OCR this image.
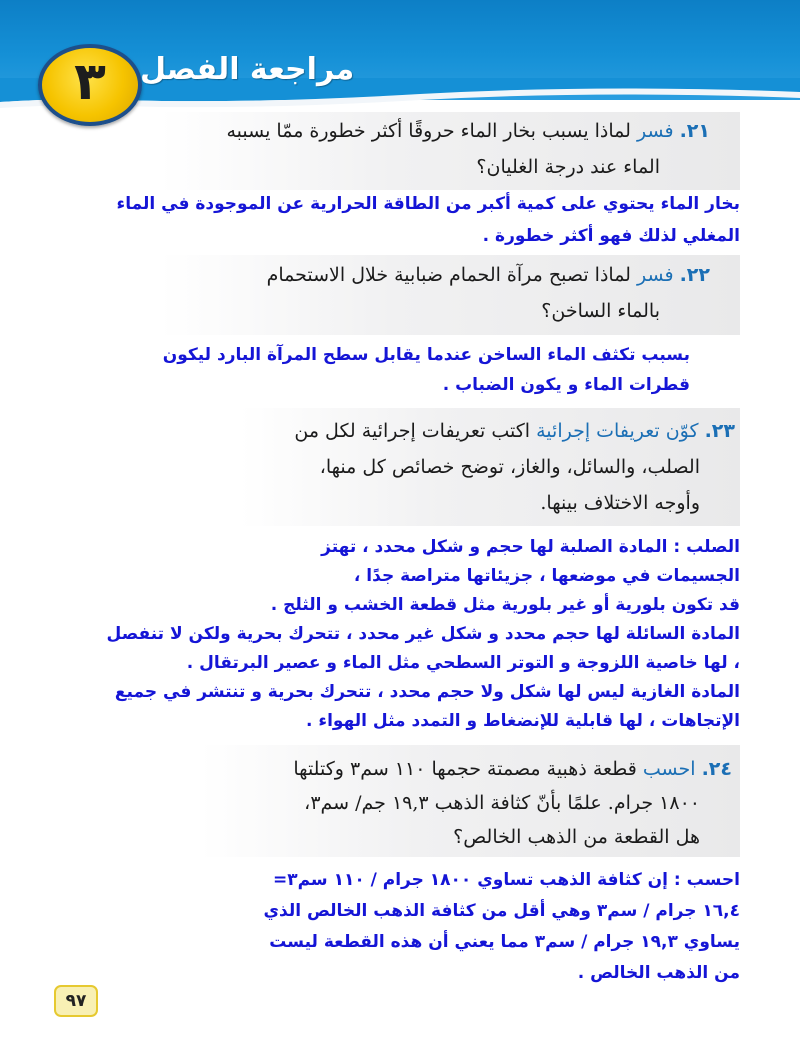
٣	مراجعة الفصل
٢١. فسر لماذا يسبب بخار الماء حروقًا أكثر خطورة ممّا يسببه
الماء عند درجة الغليان؟
بخار الماء يحتوي على كمية أكبر من الطاقة الحرارية عن الموجودة في الماء
المغلي لذلك فهو أكثر خطورة .
٢٢. فسر لماذا تصبح مرآة الحمام ضبابية خلال الاستحمام
بالماء الساخن؟
بسبب تكثف الماء الساخن عندما يقابل سطح المرآة البارد ليكون
قطرات الماء و يكون الضباب .
٢٣. كوّن تعريفات إجرائية اكتب تعريفات إجرائية لكل من
الصلب، والسائل، والغاز، توضح خصائص كل منها،
وأوجه الاختلاف بينها.
الصلب : المادة الصلبة لها حجم و شكل محدد ، تهتز
الجسيمات في موضعها ، جزيئاتها متراصة جدًا ،
قد تكون بلورية أو غير بلورية مثل قطعة الخشب و الثلج .
المادة السائلة لها حجم محدد و شكل غير محدد ، تتحرك بحرية ولكن لا تنفصل
، لها خاصية اللزوجة و التوتر السطحي مثل الماء و عصير البرتقال .
المادة الغازية ليس لها شكل ولا حجم محدد ، تتحرك بحرية و تنتشر في جميع
الإتجاهات ، لها قابلية للإنضغاط و التمدد مثل الهواء .
٢٤. احسب قطعة ذهبية مصمتة حجمها ١١٠ سم٣ وكتلتها
١٨٠٠ جرام. علمًا بأنّ كثافة الذهب ١٩,٣ جم/ سم٣،
هل القطعة من الذهب الخالص؟
احسب : إن كثافة الذهب تساوي ١٨٠٠ جرام / ١١٠ سم٣=
١٦,٤ جرام / سم٣ وهي أقل من كثافة الذهب الخالص الذي
يساوي ١٩,٣ جرام / سم٣ مما يعني أن هذه القطعة ليست
من الذهب الخالص .
٩٧
